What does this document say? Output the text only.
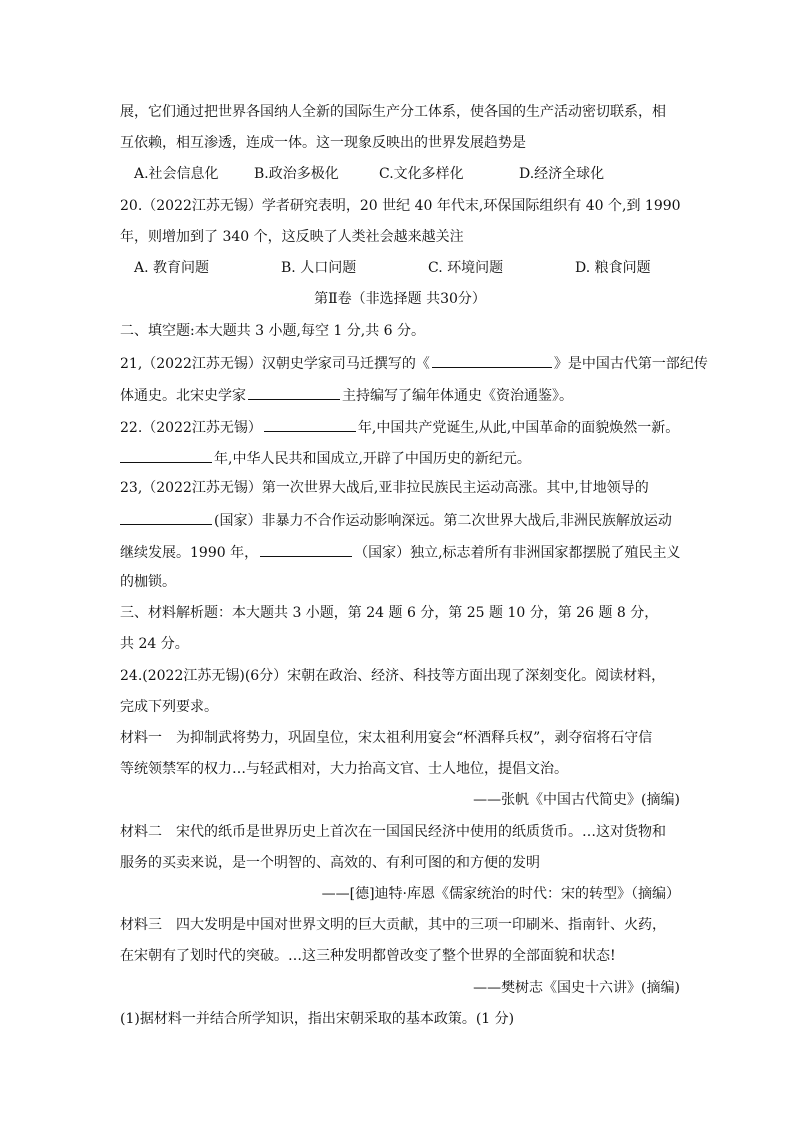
展，它们通过把世界各国纳人全新的国际生产分工体系，使各国的生产活动密切联系，相
互依赖，相互渗透，连成一体。这一现象反映出的世界发展趋势是
A.社会信息化	B.政治多极化	C.文化多样化	D.经济全球化
20.（2022江苏无锡）学者研究表明，20 世纪 40 年代末,环保国际组织有 40 个,到 1990
年，则增加到了 340 个，这反映了人类社会越来越关注
A. 教育问题	B. 人口问题	C. 环境问题	D. 粮食问题
第Ⅱ卷（非选择题 共30分）
二、填空题:本大题共 3 小题,每空 1 分,共 6 分。
21,（2022江苏无锡）汉朝史学家司马迁撰写的《	》是中国古代第一部纪传
体通史。北宋史学家	主持编写了编年体通史《资治通鉴》。
22.（2022江苏无锡）	年,中国共产党诞生,从此,中国革命的面貌焕然一新。
年,中华人民共和国成立,开辟了中国历史的新纪元。
23,（2022江苏无锡）第一次世界大战后,亚非拉民族民主运动高涨。其中,甘地领导的
(国家）非暴力不合作运动影响深远。第二次世界大战后,非洲民族解放运动
继续发展。1990 年，	（国家）独立,标志着所有非洲国家都摆脱了殖民主义
的枷锁。
三、材料解析题：本大题共 3 小题，第 24 题 6 分，第 25 题 10 分，第 26 题 8 分，
共 24 分。
24.(2022江苏无锡)(6分）宋朝在政治、经济、科技等方面出现了深刻变化。阅读材料，
完成下列要求。
材料一　为抑制武将势力，巩固皇位，宋太祖利用宴会“杯酒释兵权”，剥夺宿将石守信
等统领禁军的权力…与轻武相对，大力抬高文官、士人地位，提倡文治。
——张帆《中国古代简史》(摘编)
材料二　宋代的纸币是世界历史上首次在一国国民经济中使用的纸质货币。…这对货物和
服务的买卖来说，是一个明智的、高效的、有利可图的和方便的发明
——[德]迪特·库恩《儒家统治的时代：宋的转型》（摘编）
材料三　四大发明是中国对世界文明的巨大贡献，其中的三项一印刷米、指南针、火药，
在宋朝有了划时代的突破。…这三种发明都曾改变了整个世界的全部面貌和状态!
——樊树志《国史十六讲》(摘编)
(1)据材料一并结合所学知识，指出宋朝采取的基本政策。(1 分)
